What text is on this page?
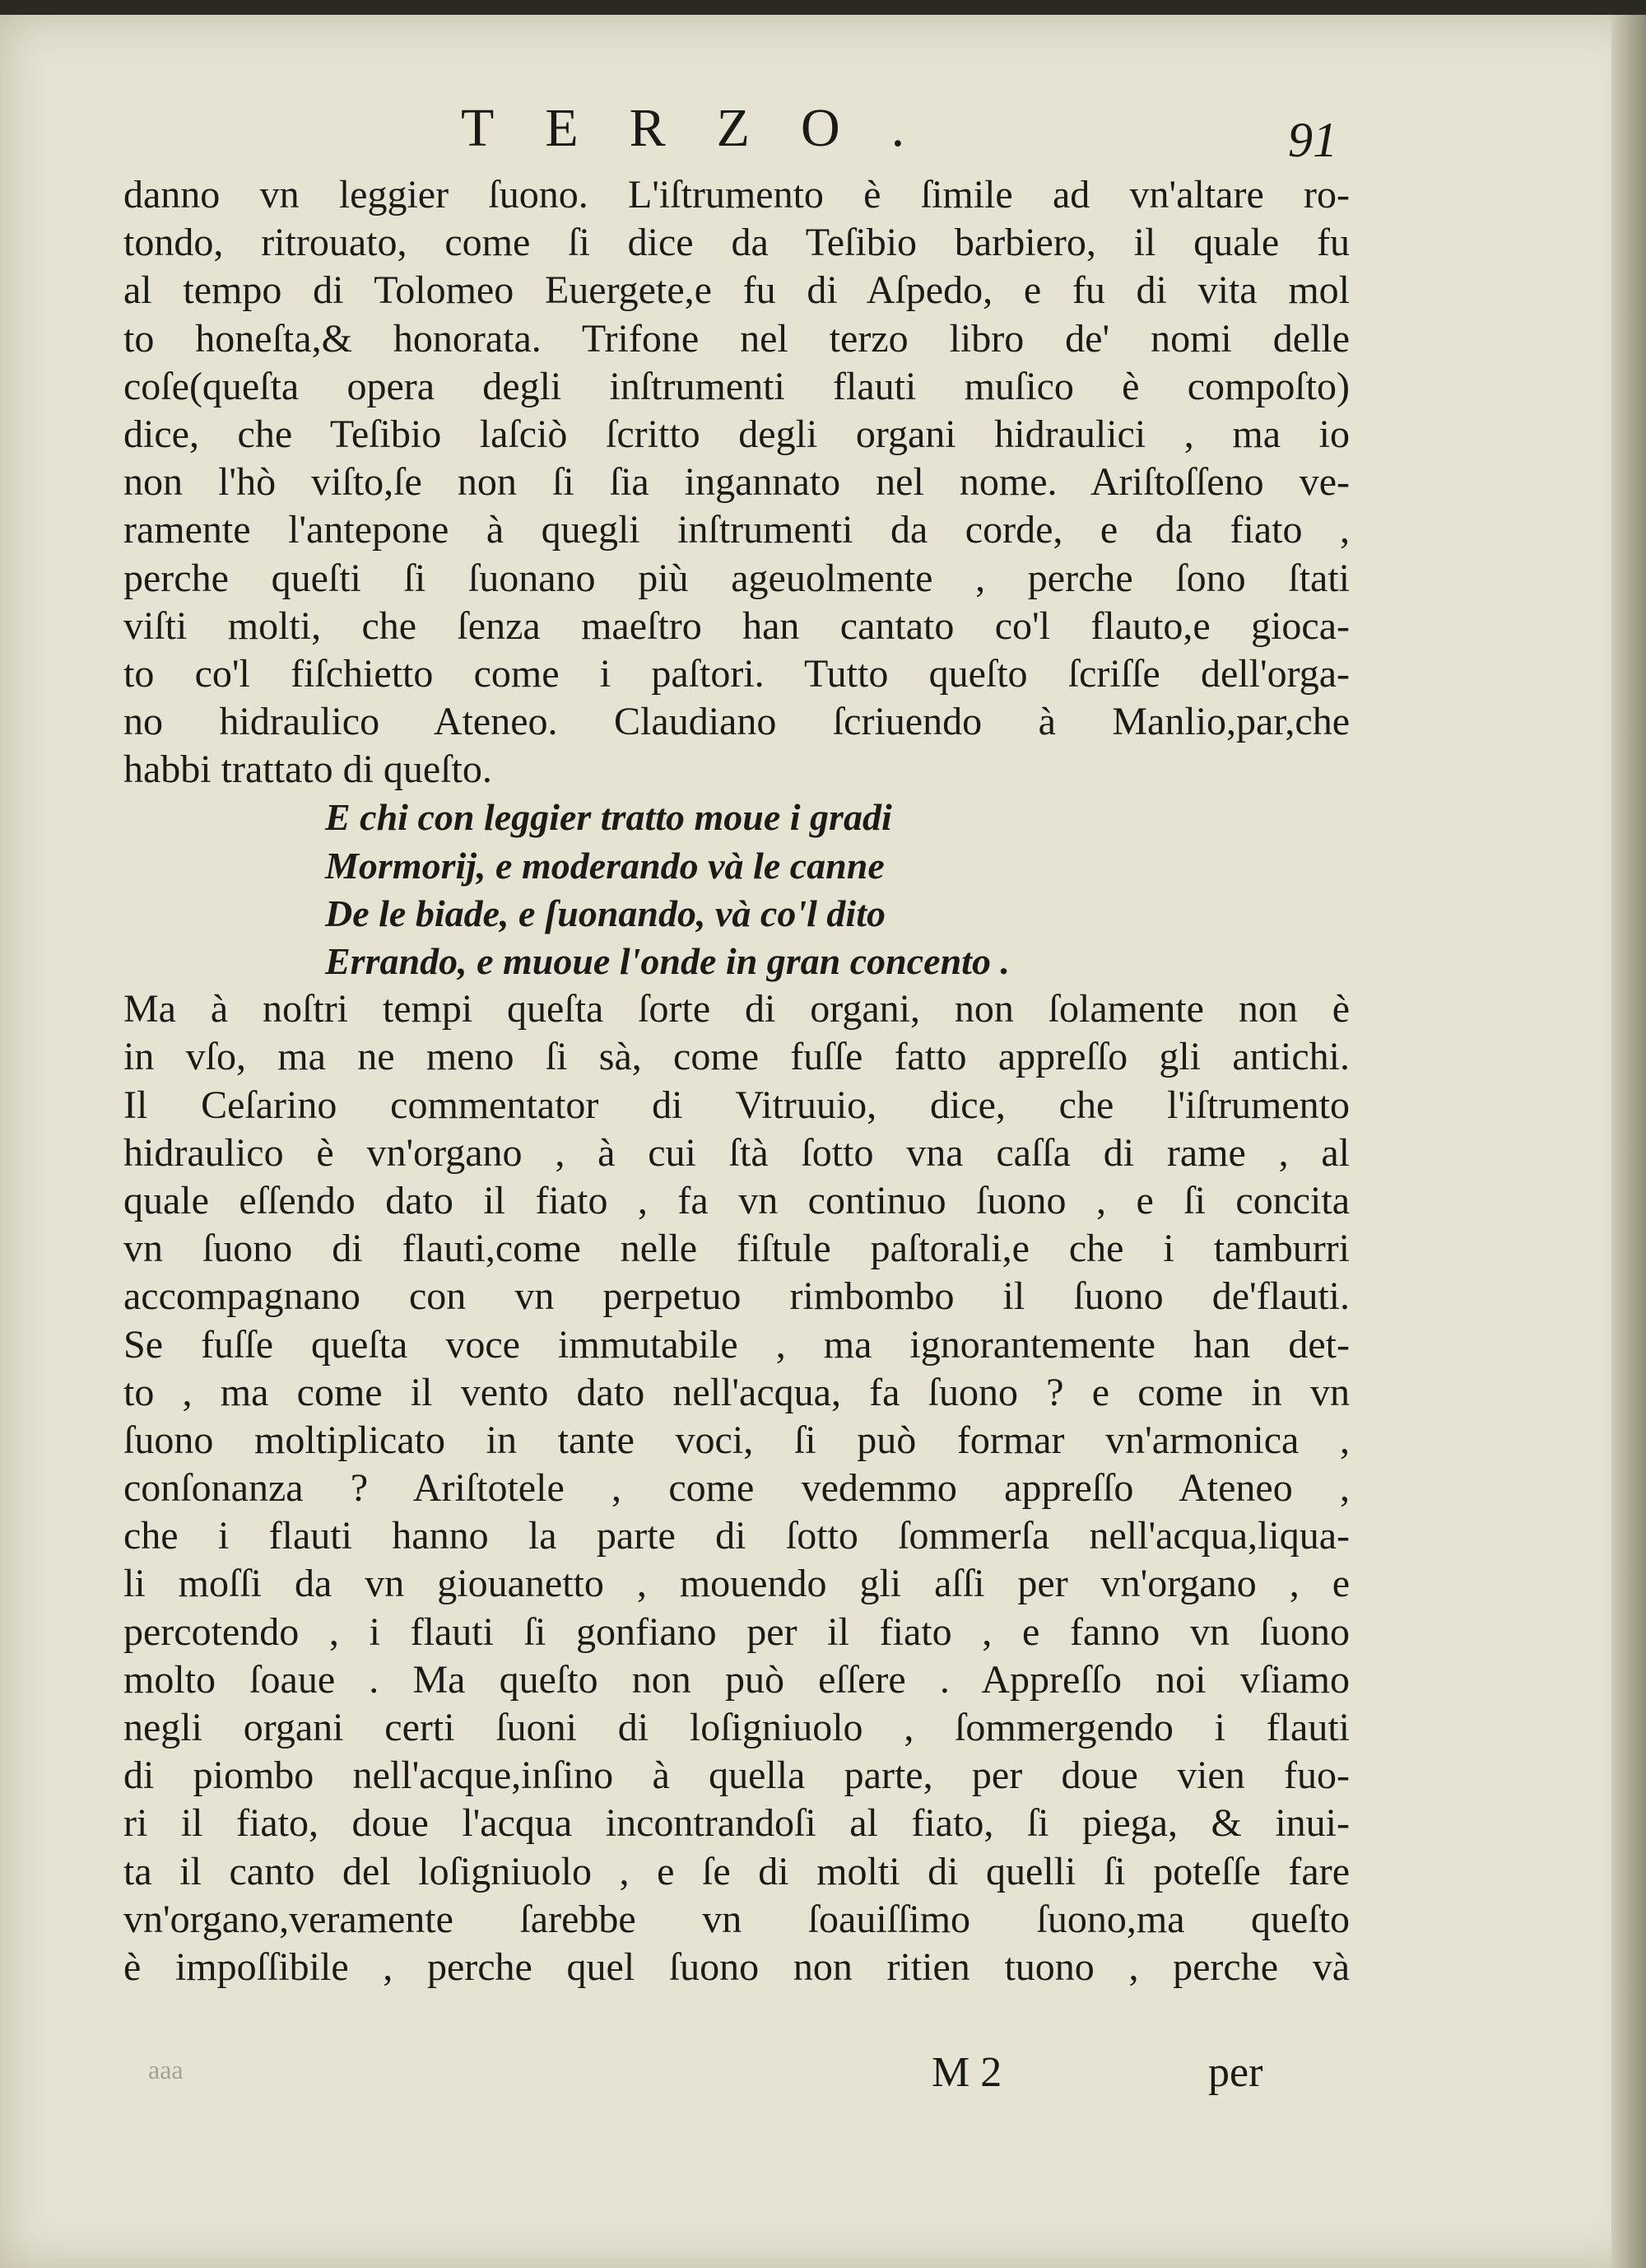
TERZO.	91
danno vn leggier ſuono. L'iſtrumento è ſimile ad vn'altare ro-
tondo, ritrouato, come ſi dice da Teſibio barbiero, il quale fu
al tempo di Tolomeo Euergete,e fu di Aſpedo, e fu di vita mol
to honeſta,& honorata. Trifone nel terzo libro de' nomi delle
coſe(queſta opera degli inſtrumenti flauti muſico è compoſto)
dice, che Teſibio laſciò ſcritto degli organi hidraulici , ma io
non l'hò viſto,ſe non ſi ſia ingannato nel nome. Ariſtoſſeno ve-
ramente l'antepone à quegli inſtrumenti da corde, e da fiato ,
perche queſti ſi ſuonano più ageuolmente , perche ſono ſtati
viſti molti, che ſenza maeſtro han cantato co'l flauto,e gioca-
to co'l fiſchietto come i paſtori. Tutto queſto ſcriſſe dell'orga-
no hidraulico Ateneo. Claudiano ſcriuendo à Manlio,par,che
habbi trattato di queſto.
E chi con leggier tratto moue i gradi
Mormorij, e moderando và le canne
De le biade, e ſuonando, và co'l dito
Errando, e muoue l'onde in gran concento .
Ma à noſtri tempi queſta ſorte di organi, non ſolamente non è
in vſo, ma ne meno ſi sà, come fuſſe fatto appreſſo gli antichi.
Il Ceſarino commentator di Vitruuio, dice, che l'iſtrumento
hidraulico è vn'organo , à cui ſtà ſotto vna caſſa di rame , al
quale eſſendo dato il fiato , fa vn continuo ſuono , e ſi concita
vn ſuono di flauti,come nelle fiſtule paſtorali,e che i tamburri
accompagnano con vn perpetuo rimbombo il ſuono de'flauti.
Se fuſſe queſta voce immutabile , ma ignorantemente han det-
to , ma come il vento dato nell'acqua, fa ſuono ? e come in vn
ſuono moltiplicato in tante voci, ſi può formar vn'armonica ,
conſonanza ? Ariſtotele , come vedemmo appreſſo Ateneo ,
che i flauti hanno la parte di ſotto ſommerſa nell'acqua,liqua-
li moſſi da vn giouanetto , mouendo gli aſſi per vn'organo , e
percotendo , i flauti ſi gonfiano per il fiato , e fanno vn ſuono
molto ſoaue . Ma queſto non può eſſere . Appreſſo noi vſiamo
negli organi certi ſuoni di loſigniuolo , ſommergendo i flauti
di piombo nell'acque,inſino à quella parte, per doue vien fuo-
ri il fiato, doue l'acqua incontrandoſi al fiato, ſi piega, & inui-
ta il canto del loſigniuolo , e ſe di molti di quelli ſi poteſſe fare
vn'organo,veramente ſarebbe vn ſoauiſſimo ſuono,ma queſto
è impoſſibile , perche quel ſuono non ritien tuono , perche và
aaa	M 2	per
